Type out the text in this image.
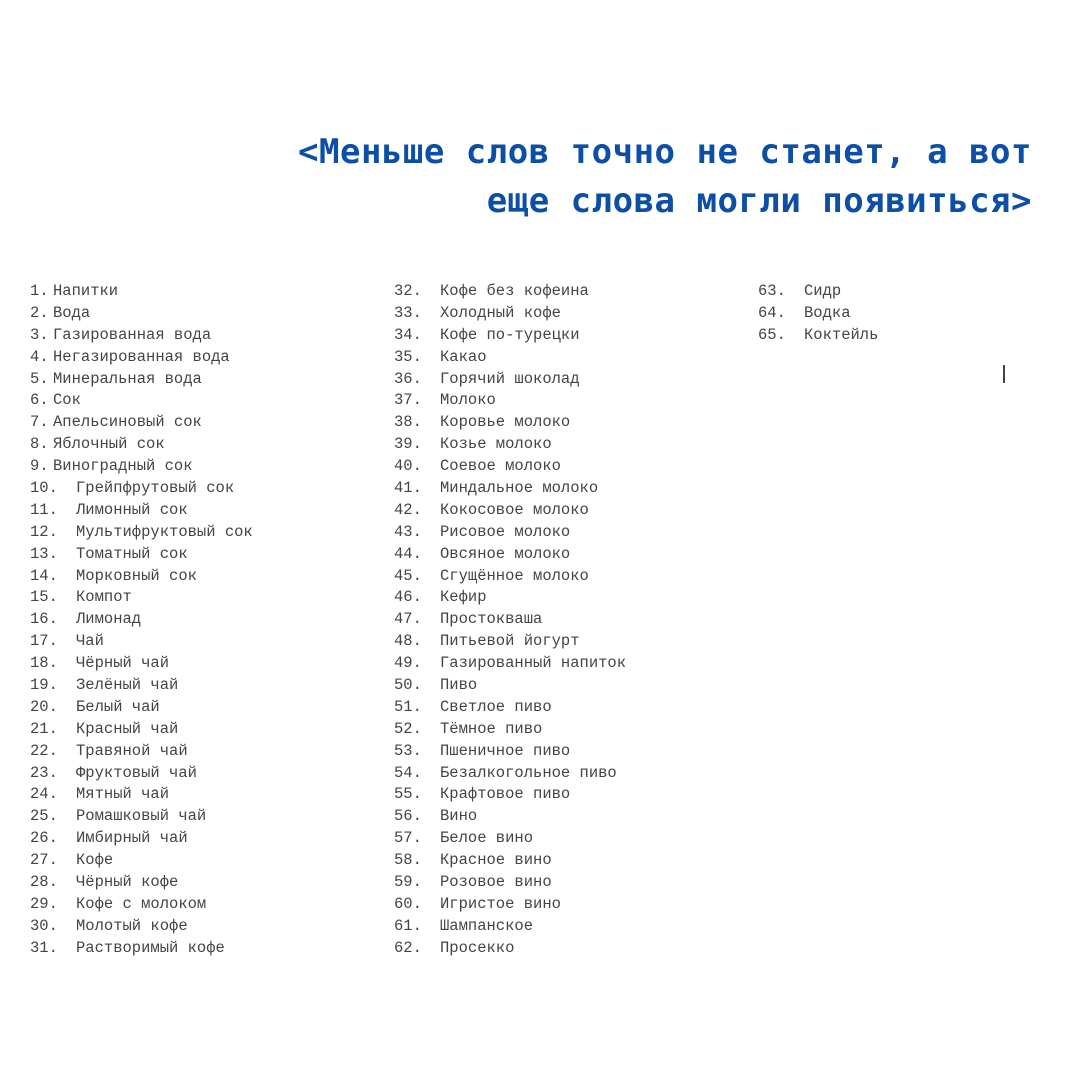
<Меньше слов точно не станет, а вот
еще слова могли появиться>
1. Напитки
2. Вода
3. Газированная вода
4. Негазированная вода
5. Минеральная вода
6. Сок
7. Апельсиновый сок
8. Яблочный сок
9. Виноградный сок
10. Грейпфрутовый сок
11. Лимонный сок
12. Мультифруктовый сок
13. Томатный сок
14. Морковный сок
15. Компот
16. Лимонад
17. Чай
18. Чёрный чай
19. Зелёный чай
20. Белый чай
21. Красный чай
22. Травяной чай
23. Фруктовый чай
24. Мятный чай
25. Ромашковый чай
26. Имбирный чай
27. Кофе
28. Чёрный кофе
29. Кофе с молоком
30. Молотый кофе
31. Растворимый кофе
32. Кофе без кофеина
33. Холодный кофе
34. Кофе по-турецки
35. Какао
36. Горячий шоколад
37. Молоко
38. Коровье молоко
39. Козье молоко
40. Соевое молоко
41. Миндальное молоко
42. Кокосовое молоко
43. Рисовое молоко
44. Овсяное молоко
45. Сгущённое молоко
46. Кефир
47. Простокваша
48. Питьевой йогурт
49. Газированный напиток
50. Пиво
51. Светлое пиво
52. Тёмное пиво
53. Пшеничное пиво
54. Безалкогольное пиво
55. Крафтовое пиво
56. Вино
57. Белое вино
58. Красное вино
59. Розовое вино
60. Игристое вино
61. Шампанское
62. Просекко
63. Сидр
64. Водка
65. Коктейль
